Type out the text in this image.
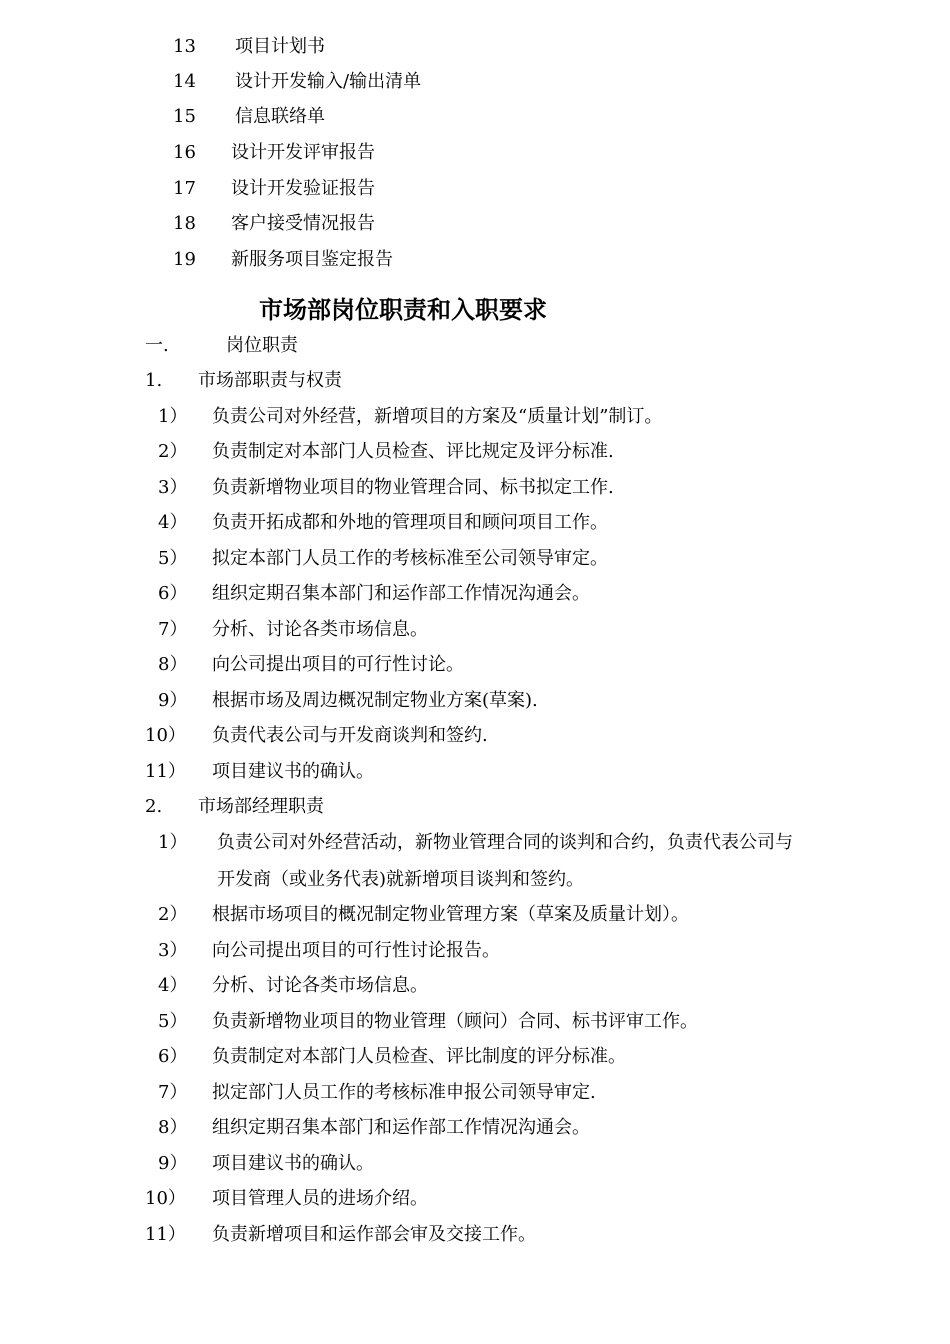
13 项目计划书
14 设计开发输入/输出清单
15 信息联络单
16 设计开发评审报告
17 设计开发验证报告
18 客户接受情况报告
19 新服务项目鉴定报告
市场部岗位职责和入职要求
一.	岗位职责
1. 市场部职责与权责
1） 负责公司对外经营，新增项目的方案及“质量计划”制订。
2） 负责制定对本部门人员检查、评比规定及评分标准.
3） 负责新增物业项目的物业管理合同、标书拟定工作.
4） 负责开拓成都和外地的管理项目和顾问项目工作。
5） 拟定本部门人员工作的考核标准至公司领导审定。
6） 组织定期召集本部门和运作部工作情况沟通会。
7） 分析、讨论各类市场信息。
8） 向公司提出项目的可行性讨论。
9） 根据市场及周边概况制定物业方案(草案).
10） 负责代表公司与开发商谈判和签约.
11） 项目建议书的确认。
2. 市场部经理职责
1） 负责公司对外经营活动，新物业管理合同的谈判和合约，负责代表公司与
开发商（或业务代表)就新增项目谈判和签约。
2） 根据市场项目的概况制定物业管理方案（草案及质量计划）。
3） 向公司提出项目的可行性讨论报告。
4） 分析、讨论各类市场信息。
5） 负责新增物业项目的物业管理（顾问）合同、标书评审工作。
6） 负责制定对本部门人员检查、评比制度的评分标准。
7） 拟定部门人员工作的考核标准申报公司领导审定.
8） 组织定期召集本部门和运作部工作情况沟通会。
9） 项目建议书的确认。
10） 项目管理人员的进场介绍。
11） 负责新增项目和运作部会审及交接工作。
